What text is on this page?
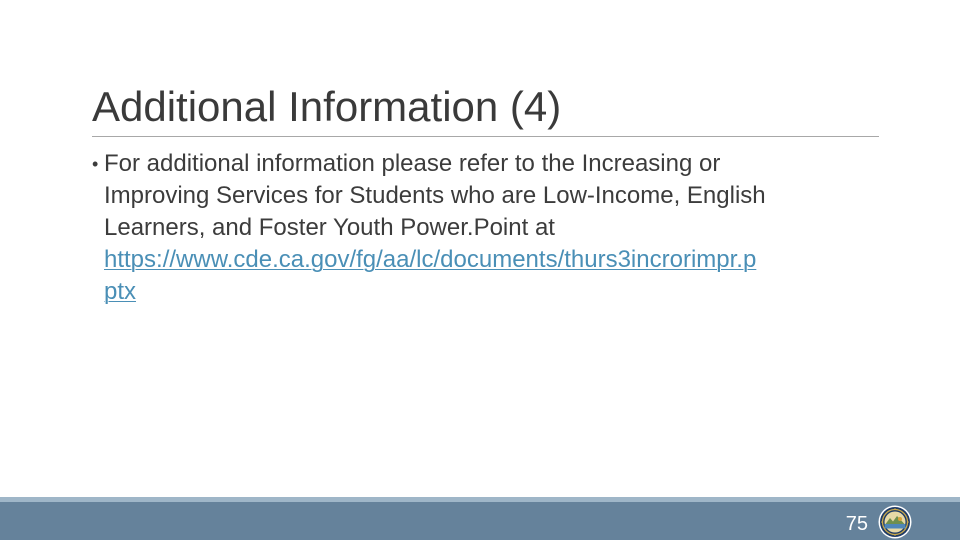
Additional Information (4)
• For additional information please refer to the Increasing or
Improving Services for Students who are Low-Income, English
Learners, and Foster Youth Power.Point at
https://www.cde.ca.gov/fg/aa/lc/documents/thurs3incrorimpr.p
ptx
75
